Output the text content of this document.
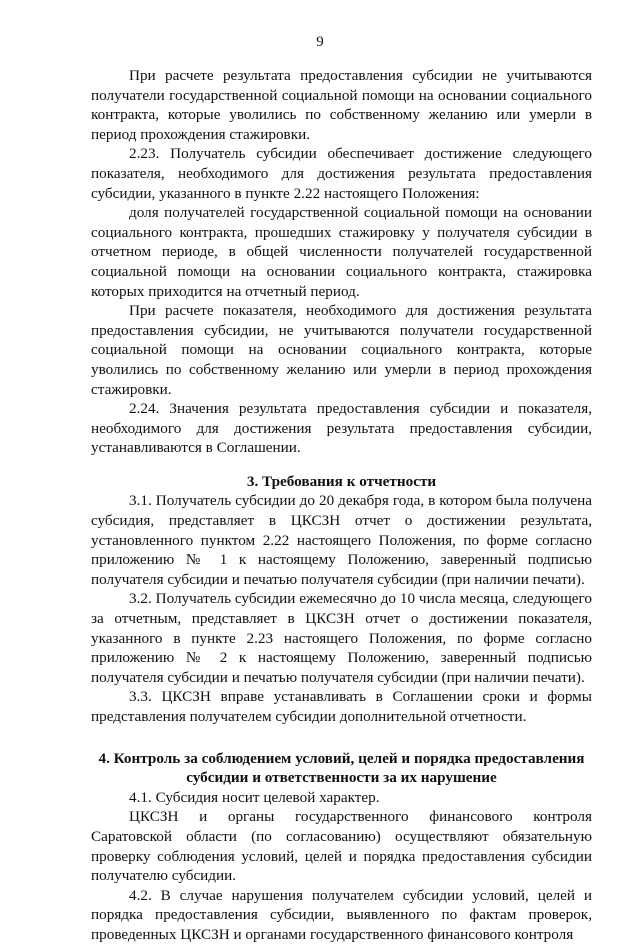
9

При расчете результата предоставления субсидии не учитываются получатели государственной социальной помощи на основании социального контракта, которые уволились по собственному желанию или умерли в период прохождения стажировки.

2.23. Получатель субсидии обеспечивает достижение следующего показателя, необходимого для достижения результата предоставления субсидии, указанного в пункте 2.22 настоящего Положения:

доля получателей государственной социальной помощи на основании социального контракта, прошедших стажировку у получателя субсидии в отчетном периоде, в общей численности получателей государственной социальной помощи на основании социального контракта, стажировка которых приходится на отчетный период.

При расчете показателя, необходимого для достижения результата предоставления субсидии, не учитываются получатели государственной социальной помощи на основании социального контракта, которые уволились по собственному желанию или умерли в период прохождения стажировки.

2.24. Значения результата предоставления субсидии и показателя, необходимого для достижения результата предоставления субсидии, устанавливаются в Соглашении.

3. Требования к отчетности

3.1. Получатель субсидии до 20 декабря года, в котором была получена субсидия, представляет в ЦКСЗН отчет о достижении результата, установленного пунктом 2.22 настоящего Положения, по форме согласно приложению № 1 к настоящему Положению, заверенный подписью получателя субсидии и печатью получателя субсидии (при наличии печати).

3.2. Получатель субсидии ежемесячно до 10 числа месяца, следующего за отчетным, представляет в ЦКСЗН отчет о достижении показателя, указанного в пункте 2.23 настоящего Положения, по форме согласно приложению № 2 к настоящему Положению, заверенный подписью получателя субсидии и печатью получателя субсидии (при наличии печати).

3.3. ЦКСЗН вправе устанавливать в Соглашении сроки и формы представления получателем субсидии дополнительной отчетности.

4. Контроль за соблюдением условий, целей и порядка предоставления
субсидии и ответственности за их нарушение

4.1. Субсидия носит целевой характер.

ЦКСЗН и органы государственного финансового контроля Саратовской области (по согласованию) осуществляют обязательную проверку соблюдения условий, целей и порядка предоставления субсидии получателю субсидии.

4.2. В случае нарушения получателем субсидии условий, целей и порядка предоставления субсидии, выявленного по фактам проверок, проведенных ЦКСЗН и органами государственного финансового контроля
